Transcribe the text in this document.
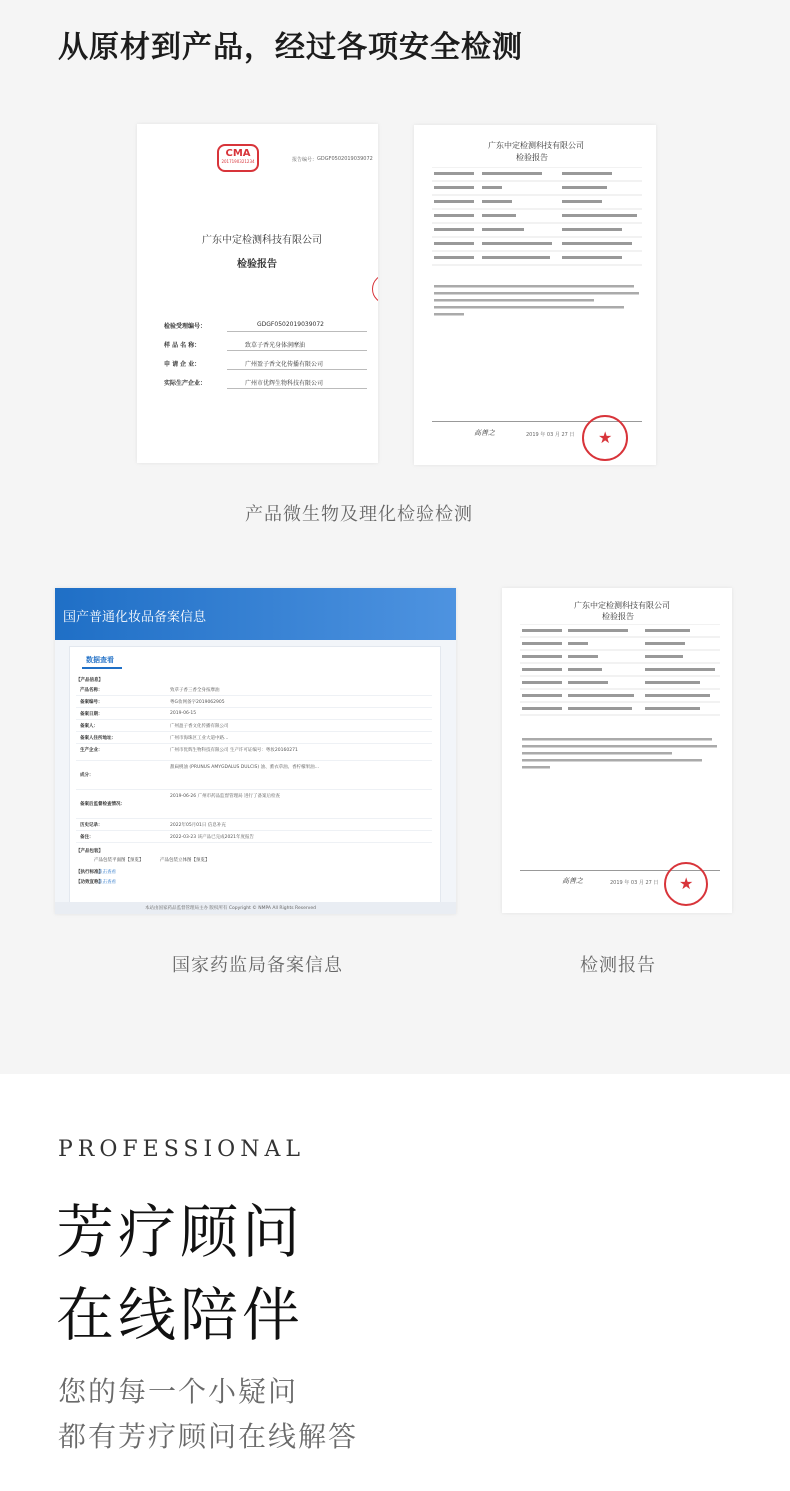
从原材到产品，经过各项安全检测
CMA
2017190321234	报告编号： GDGF0502019039072
广东中定检测科技有限公司
检验报告
检验受理编号：	GDGF0502019039072
样 品 名 称：	致草子香光身体润摩油
申 请 企 业：	广州盈子香文化传播有限公司
实际生产企业：	广州市优辉生物科技有限公司
广东中定检测科技有限公司
检验报告
高善之	2019 年 03 月 27 日 ★
产品微生物及理化检验检测
国产普通化妆品备案信息
数据查看
【产品信息】
产品名称：	致草子香三香全身按摩油
备案编号：	粤G妆网备字2019062905
备案日期：	2019-06-15
备案人：	广州盈子香文化传播有限公司
备案人住所地址：	广州市海珠区工业大道中路…
生产企业：	广州市优辉生物科技有限公司 生产许可证编号：粤妆20160271
成分：
甜扁桃油 (PRUNUS AMYGDALUS DULCIS) 油、薰衣草油、香柠檬果油…
备案后监督检查情况：
2019-06-26 广州市药品监督管理局 进行了备案后检查
历史记录：	2022年05月01日 信息补充
备注：	2022-03-23 该产品已完成2021年度报告
【产品包装】
产品包装平面图【预览】	产品包装立体图【预览】
【执行标准】
点击查看
【功效宣称】
点击查看
本站由国家药品监督管理局主办 版权所有 Copyright © NMPA All Rights Reserved
广东中定检测科技有限公司
检验报告
高善之	2019 年 03 月 27 日 ★
国家药监局备案信息	检测报告
PROFESSIONAL
芳疗顾问
在线陪伴
您的每一个小疑问
都有芳疗顾问在线解答
